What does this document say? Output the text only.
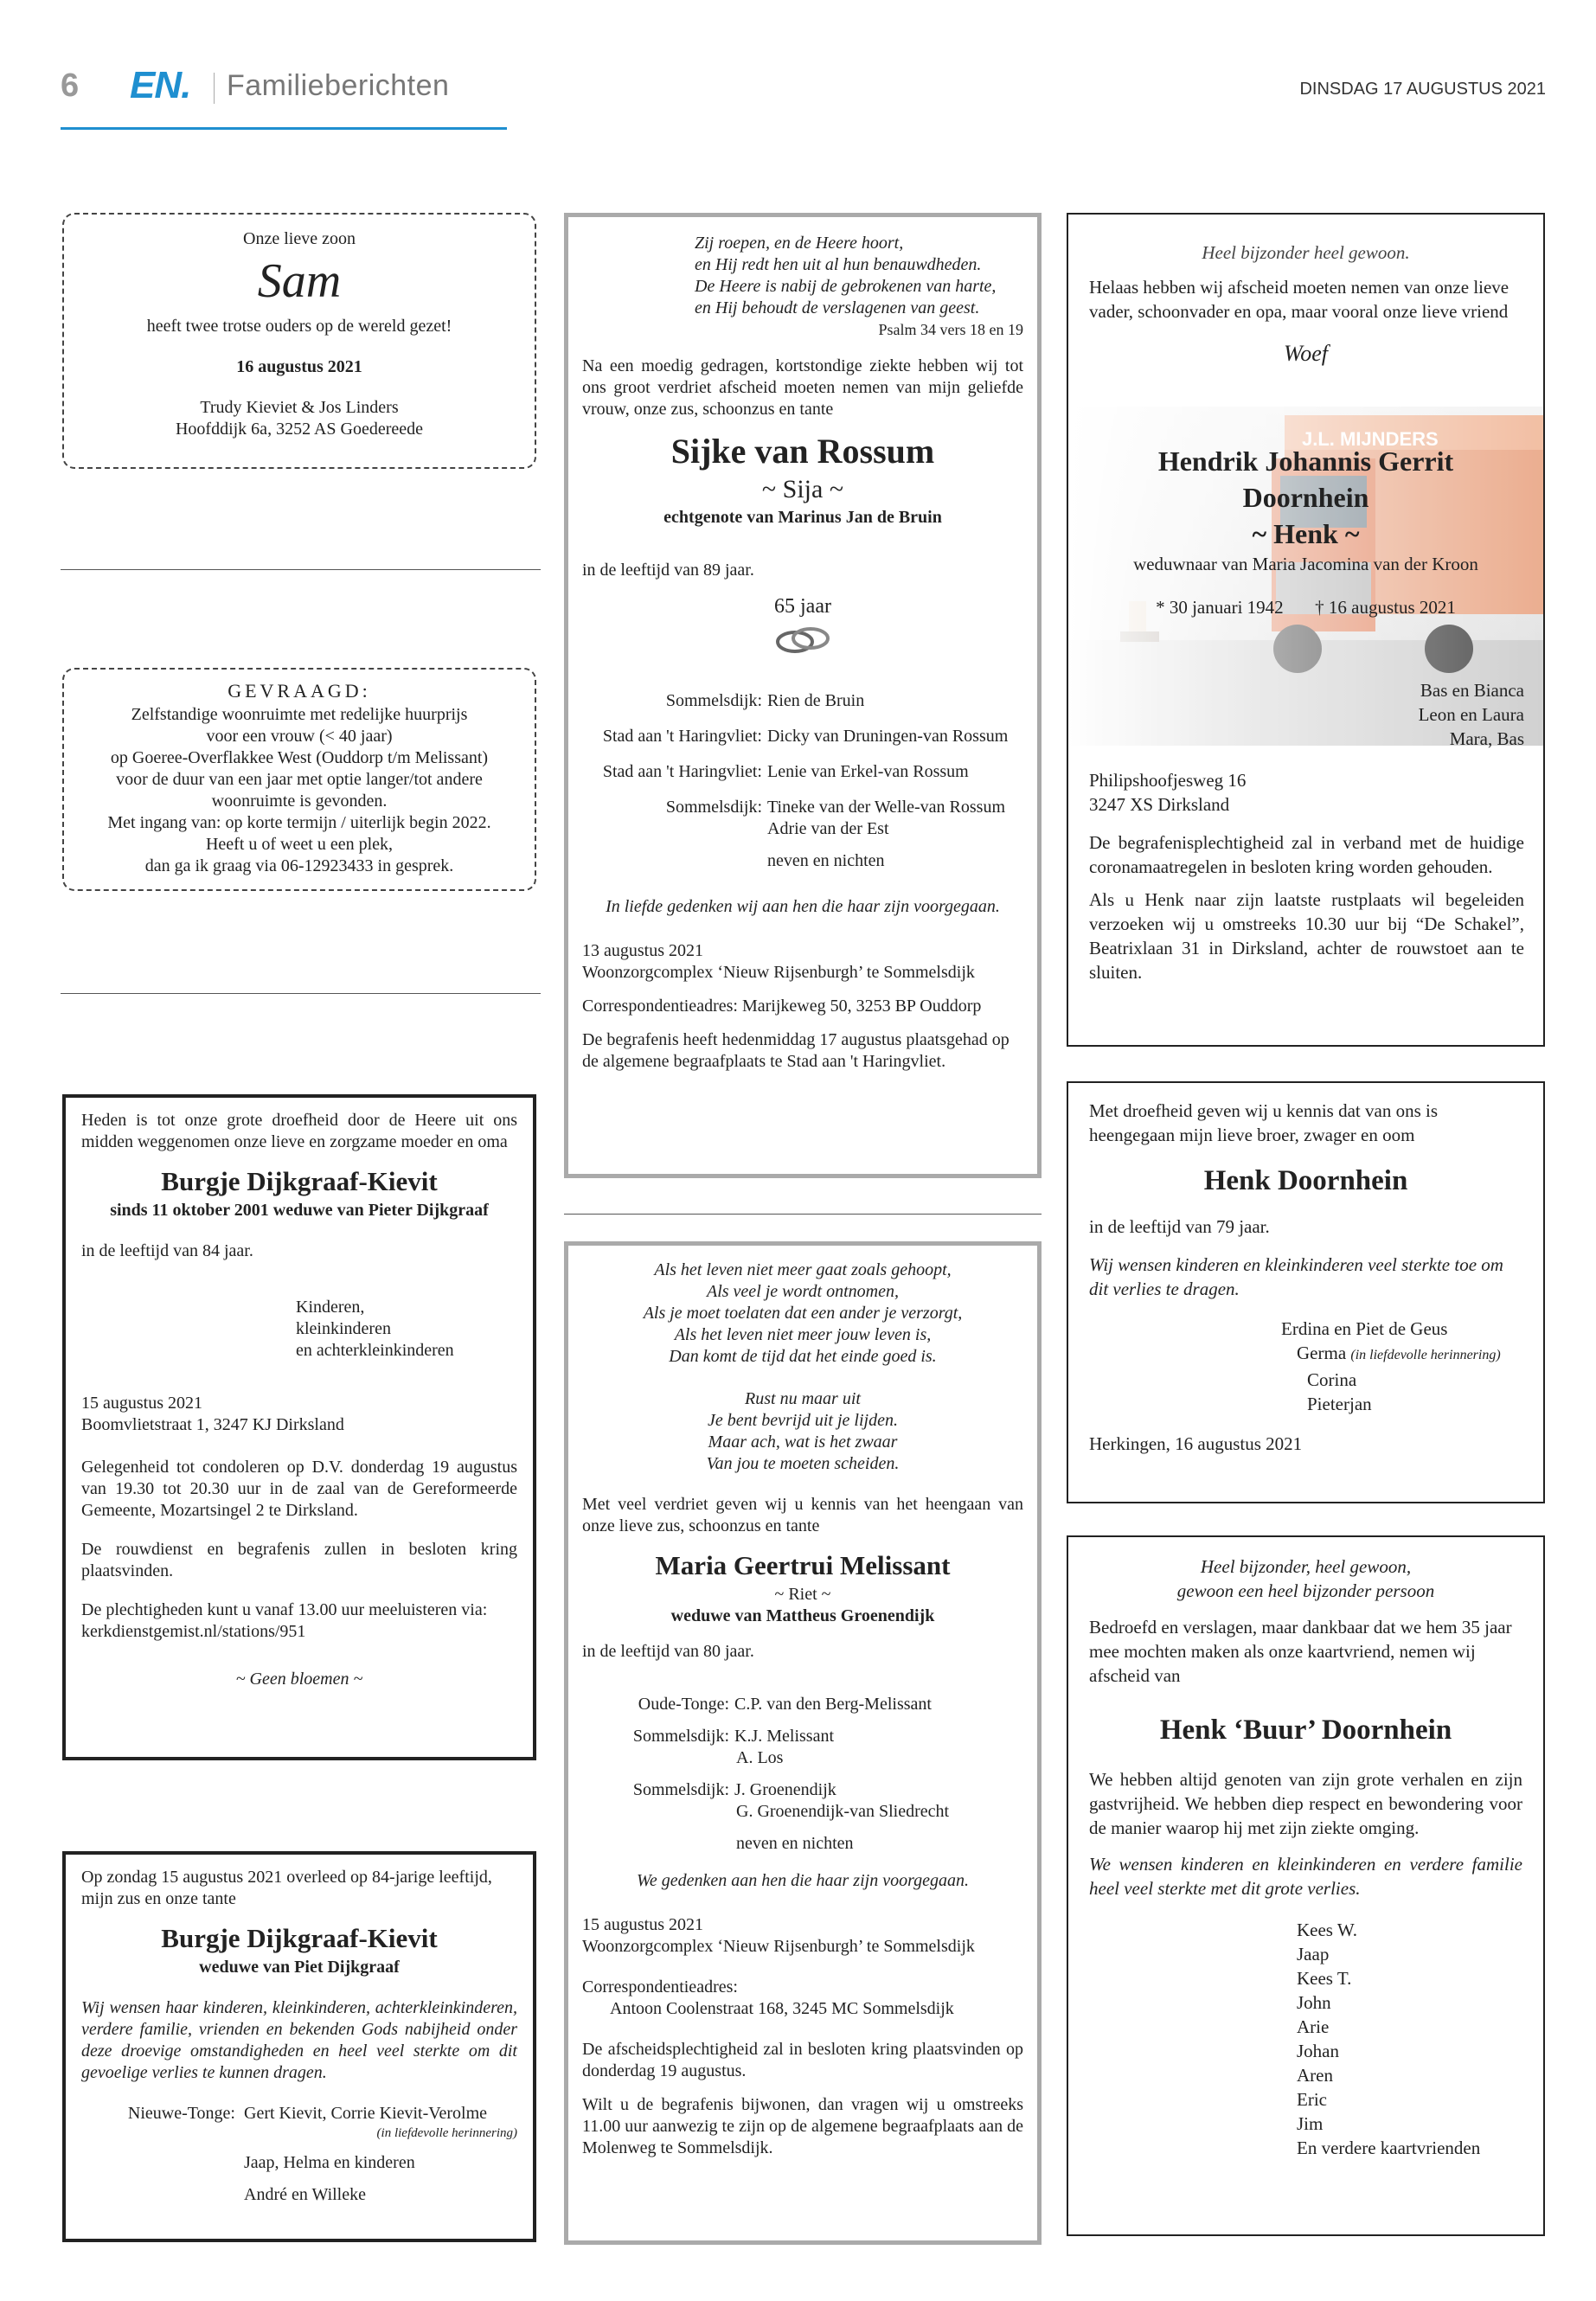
6 EN. Familieberichten	DINSDAG 17 AUGUSTUS 2021

Onze lieve zoon

Sam

heeft twee trotse ouders op de wereld gezet!

16 augustus 2021

Trudy Kieviet & Jos Linders

Hoofddijk 6a, 3252 AS Goedereede

GEVRAAGD:

Zelfstandige woonruimte met redelijke huurprijs

voor een vrouw (< 40 jaar)

op Goeree-Overflakkee West (Ouddorp t/m Melissant)

voor de duur van een jaar met optie langer/tot andere

woonruimte is gevonden.

Met ingang van: op korte termijn / uiterlijk begin 2022.

Heeft u of weet u een plek,

dan ga ik graag via 06-12923433 in gesprek.

Heden is tot onze grote droefheid door de Heere uit ons midden weggenomen onze lieve en zorgzame moeder en oma

Burgje Dijkgraaf-Kievit

sinds 11 oktober 2001 weduwe van Pieter Dijkgraaf

in de leeftijd van 84 jaar.

Kinderen,

kleinkinderen

en achterkleinkinderen

15 augustus 2021

Boomvlietstraat 1, 3247 KJ Dirksland

Gelegenheid tot condoleren op D.V. donderdag 19 augustus van 19.30 tot 20.30 uur in de zaal van de Gereformeerde Gemeente, Mozartsingel 2 te Dirksland.

De rouwdienst en begrafenis zullen in besloten kring plaatsvinden.

De plechtigheden kunt u vanaf 13.00 uur meeluisteren via: kerkdienstgemist.nl/stations/951

~ Geen bloemen ~

Op zondag 15 augustus 2021 overleed op 84-jarige leeftijd, mijn zus en onze tante

Burgje Dijkgraaf-Kievit

weduwe van Piet Dijkgraaf

Wij wensen haar kinderen, kleinkinderen, achterkleinkinderen, verdere familie, vrienden en bekenden Gods nabijheid onder deze droevige omstandigheden en heel veel sterkte om dit gevoelige verlies te kunnen dragen.

Nieuwe-Tonge: Gert Kievit, Corrie Kievit-Verolme

(in liefdevolle herinnering)

Jaap, Helma en kinderen

André en Willeke

Zij roepen, en de Heere hoort,

en Hij redt hen uit al hun benauwdheden.

De Heere is nabij de gebrokenen van harte,

en Hij behoudt de verslagenen van geest.

Psalm 34 vers 18 en 19

Na een moedig gedragen, kortstondige ziekte hebben wij tot ons groot verdriet afscheid moeten nemen van mijn geliefde vrouw, onze zus, schoonzus en tante

Sijke van Rossum

~ Sija ~

echtgenote van Marinus Jan de Bruin

in de leeftijd van 89 jaar.

65 jaar

Sommelsdijk: Rien de Bruin
Stad aan 't Haringvliet: Dicky van Druningen-van Rossum
Stad aan 't Haringvliet: Lenie van Erkel-van Rossum
Sommelsdijk: Tineke van der Welle-van Rossum

Adrie van der Est

neven en nichten

In liefde gedenken wij aan hen die haar zijn voorgegaan.

13 augustus 2021

Woonzorgcomplex ‘Nieuw Rijsenburgh’ te Sommelsdijk

Correspondentieadres: Marijkeweg 50, 3253 BP Ouddorp

De begrafenis heeft hedenmiddag 17 augustus plaatsgehad op de algemene begraafplaats te Stad aan 't Haringvliet.

Als het leven niet meer gaat zoals gehoopt,

Als veel je wordt ontnomen,

Als je moet toelaten dat een ander je verzorgt,

Als het leven niet meer jouw leven is,

Dan komt de tijd dat het einde goed is.

Rust nu maar uit

Je bent bevrijd uit je lijden.

Maar ach, wat is het zwaar

Van jou te moeten scheiden.

Met veel verdriet geven wij u kennis van het heengaan van onze lieve zus, schoonzus en tante

Maria Geertrui Melissant

~ Riet ~

weduwe van Mattheus Groenendijk

in de leeftijd van 80 jaar.

Oude-Tonge: C.P. van den Berg-Melissant
Sommelsdijk: K.J. Melissant

A. Los

Sommelsdijk: J. Groenendijk

G. Groenendijk-van Sliedrecht

neven en nichten

We gedenken aan hen die haar zijn voorgegaan.

15 augustus 2021

Woonzorgcomplex ‘Nieuw Rijsenburgh’ te Sommelsdijk

Correspondentieadres:

Antoon Coolenstraat 168, 3245 MC Sommelsdijk

De afscheidsplechtigheid zal in besloten kring plaatsvinden op donderdag 19 augustus.

Wilt u de begrafenis bijwonen, dan vragen wij u omstreeks 11.00 uur aanwezig te zijn op de algemene begraafplaats aan de Molenweg te Sommelsdijk.

Heel bijzonder heel gewoon.

Helaas hebben wij afscheid moeten nemen van onze lieve vader, schoonvader en opa, maar vooral onze lieve vriend

Woef

Hendrik Johannis Gerrit

Doornhein

~ Henk ~

weduwnaar van Maria Jacomina van der Kroon

* 30 januari 1942 † 16 augustus 2021

Bas en Bianca

Leon en Laura

Mara, Bas

Philipshoofjesweg 16

3247 XS Dirksland

De begrafenisplechtigheid zal in verband met de huidige coronamaatregelen in besloten kring worden gehouden.

Als u Henk naar zijn laatste rustplaats wil begeleiden verzoeken wij u omstreeks 10.30 uur bij “De Schakel”, Beatrixlaan 31 in Dirksland, achter de rouwstoet aan te sluiten.

Met droefheid geven wij u kennis dat van ons is heengegaan mijn lieve broer, zwager en oom

Henk Doornhein

in de leeftijd van 79 jaar.

Wij wensen kinderen en kleinkinderen veel sterkte toe om dit verlies te dragen.

Erdina en Piet de Geus

Germa (in liefdevolle herinnering)

Corina

Pieterjan

Herkingen, 16 augustus 2021

Heel bijzonder, heel gewoon,

gewoon een heel bijzonder persoon

Bedroefd en verslagen, maar dankbaar dat we hem 35 jaar mee mochten maken als onze kaartvriend, nemen wij afscheid van

Henk ‘Buur’ Doornhein

We hebben altijd genoten van zijn grote verhalen en zijn gastvrijheid. We hebben diep respect en bewondering voor de manier waarop hij met zijn ziekte omging.

We wensen kinderen en kleinkinderen en verdere familie heel veel sterkte met dit grote verlies.

Kees W.

Jaap

Kees T.

John

Arie

Johan

Aren

Eric

Jim

En verdere kaartvrienden
